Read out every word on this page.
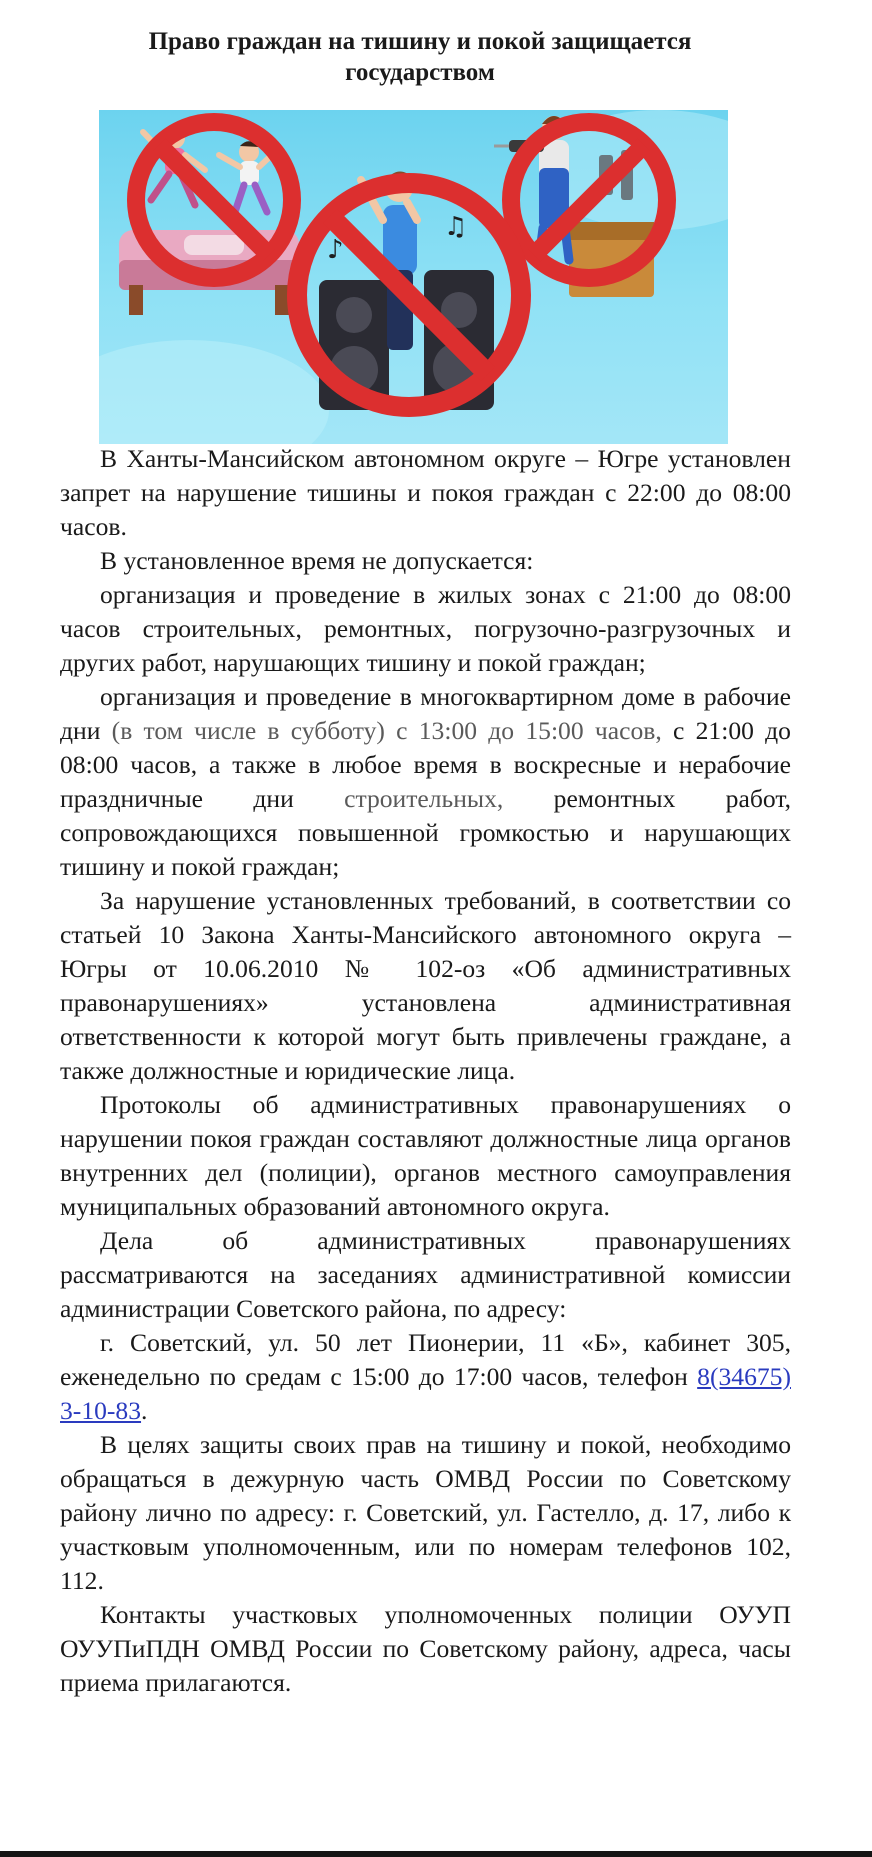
Право граждан на тишину и покой защищается государством
♪
♫

В Ханты-Мансийском автономном округе – Югре установлен запрет на нарушение тишины и покоя граждан с 22:00 до 08:00 часов.

В установленное время не допускается:

организация и проведение в жилых зонах с 21:00 до 08:00 часов строительных, ремонтных, погрузочно-разгрузочных и других работ, нарушающих тишину и покой граждан;

организация и проведение в многоквартирном доме в рабочие дни (в том числе в субботу) с 13:00 до 15:00 часов, с 21:00 до 08:00 часов, а также в любое время в воскресные и нерабочие праздничные дни строительных, ремонтных работ, сопровождающихся повышенной громкостью и нарушающих тишину и покой граждан;

За нарушение установленных требований, в соответствии со статьей 10 Закона Ханты-Мансийского автономного округа – Югры от 10.06.2010 № 102-оз «Об административных правонарушениях» установлена административная ответственности к которой могут быть привлечены граждане, а также должностные и юридические лица.

Протоколы об административных правонарушениях о нарушении покоя граждан составляют должностные лица органов внутренних дел (полиции), органов местного самоуправления муниципальных образований автономного округа.

Дела об административных правонарушениях рассматриваются на заседаниях административной комиссии администрации Советского района, по адресу:

г. Советский, ул. 50 лет Пионерии, 11 «Б», кабинет 305, еженедельно по средам с 15:00 до 17:00 часов, телефон 8(34675) 3-10-83.

В целях защиты своих прав на тишину и покой, необходимо обращаться в дежурную часть ОМВД России по Советскому району лично по адресу: г. Советский, ул. Гастелло, д. 17, либо к участковым уполномоченным, или по номерам телефонов 102, 112.

Контакты участковых уполномоченных полиции ОУУП ОУУПиПДН ОМВД России по Советскому району, адреса, часы приема прилагаются.
